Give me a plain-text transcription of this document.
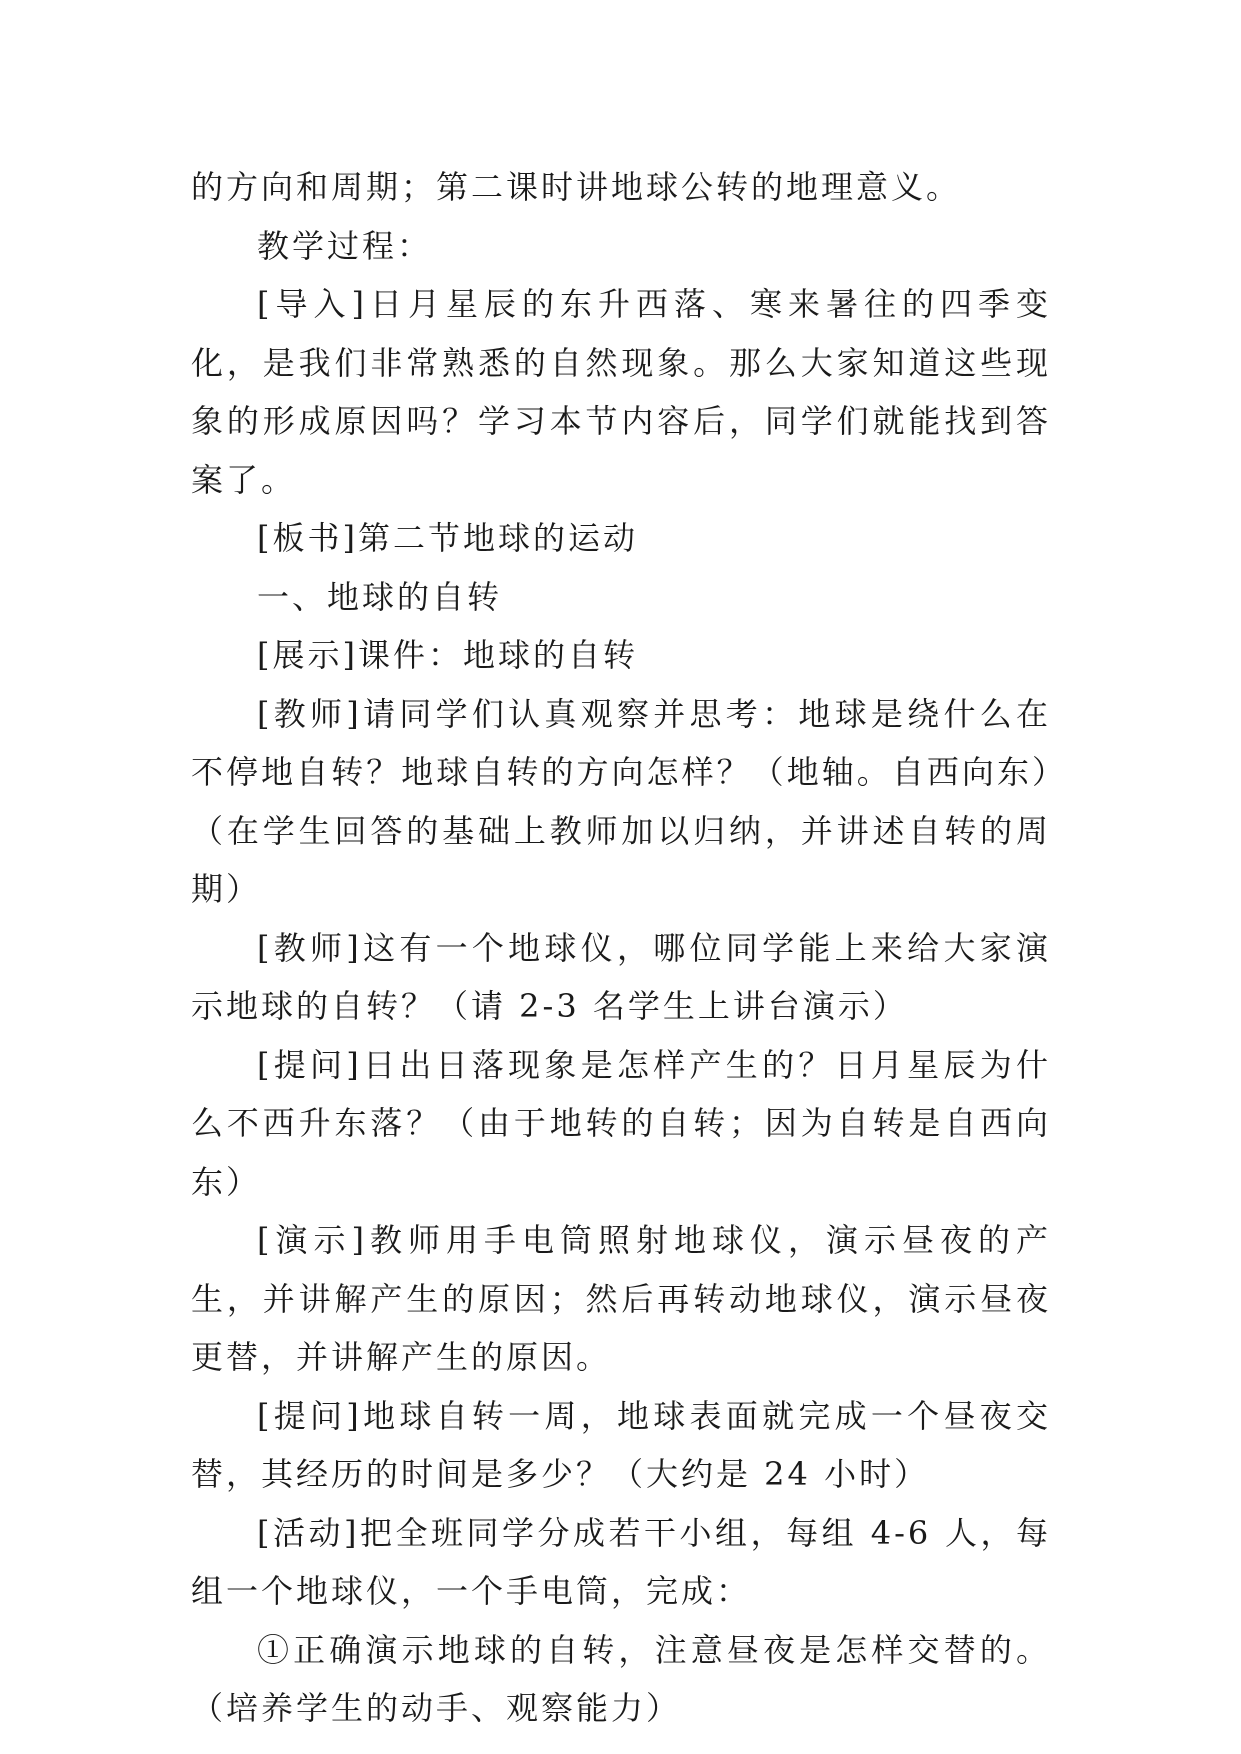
的方向和周期；第二课时讲地球公转的地理意义。

教学过程：

[导入]日月星辰的东升西落、寒来暑往的四季变化，是我们非常熟悉的自然现象。那么大家知道这些现象的形成原因吗？学习本节内容后，同学们就能找到答案了。

[板书]第二节地球的运动

一、地球的自转

[展示]课件：地球的自转

[教师]请同学们认真观察并思考：地球是绕什么在不停地自转？地球自转的方向怎样？（地轴。自西向东）（在学生回答的基础上教师加以归纳，并讲述自转的周期）

[教师]这有一个地球仪，哪位同学能上来给大家演示地球的自转？（请 2-3 名学生上讲台演示）

[提问]日出日落现象是怎样产生的？日月星辰为什么不西升东落？（由于地转的自转；因为自转是自西向东）

[演示]教师用手电筒照射地球仪，演示昼夜的产生，并讲解产生的原因；然后再转动地球仪，演示昼夜更替，并讲解产生的原因。

[提问]地球自转一周，地球表面就完成一个昼夜交替，其经历的时间是多少？（大约是 24 小时）

[活动]把全班同学分成若干小组，每组 4-6 人，每组一个地球仪，一个手电筒，完成：

①正确演示地球的自转，注意昼夜是怎样交替的。（培养学生的动手、观察能力）
